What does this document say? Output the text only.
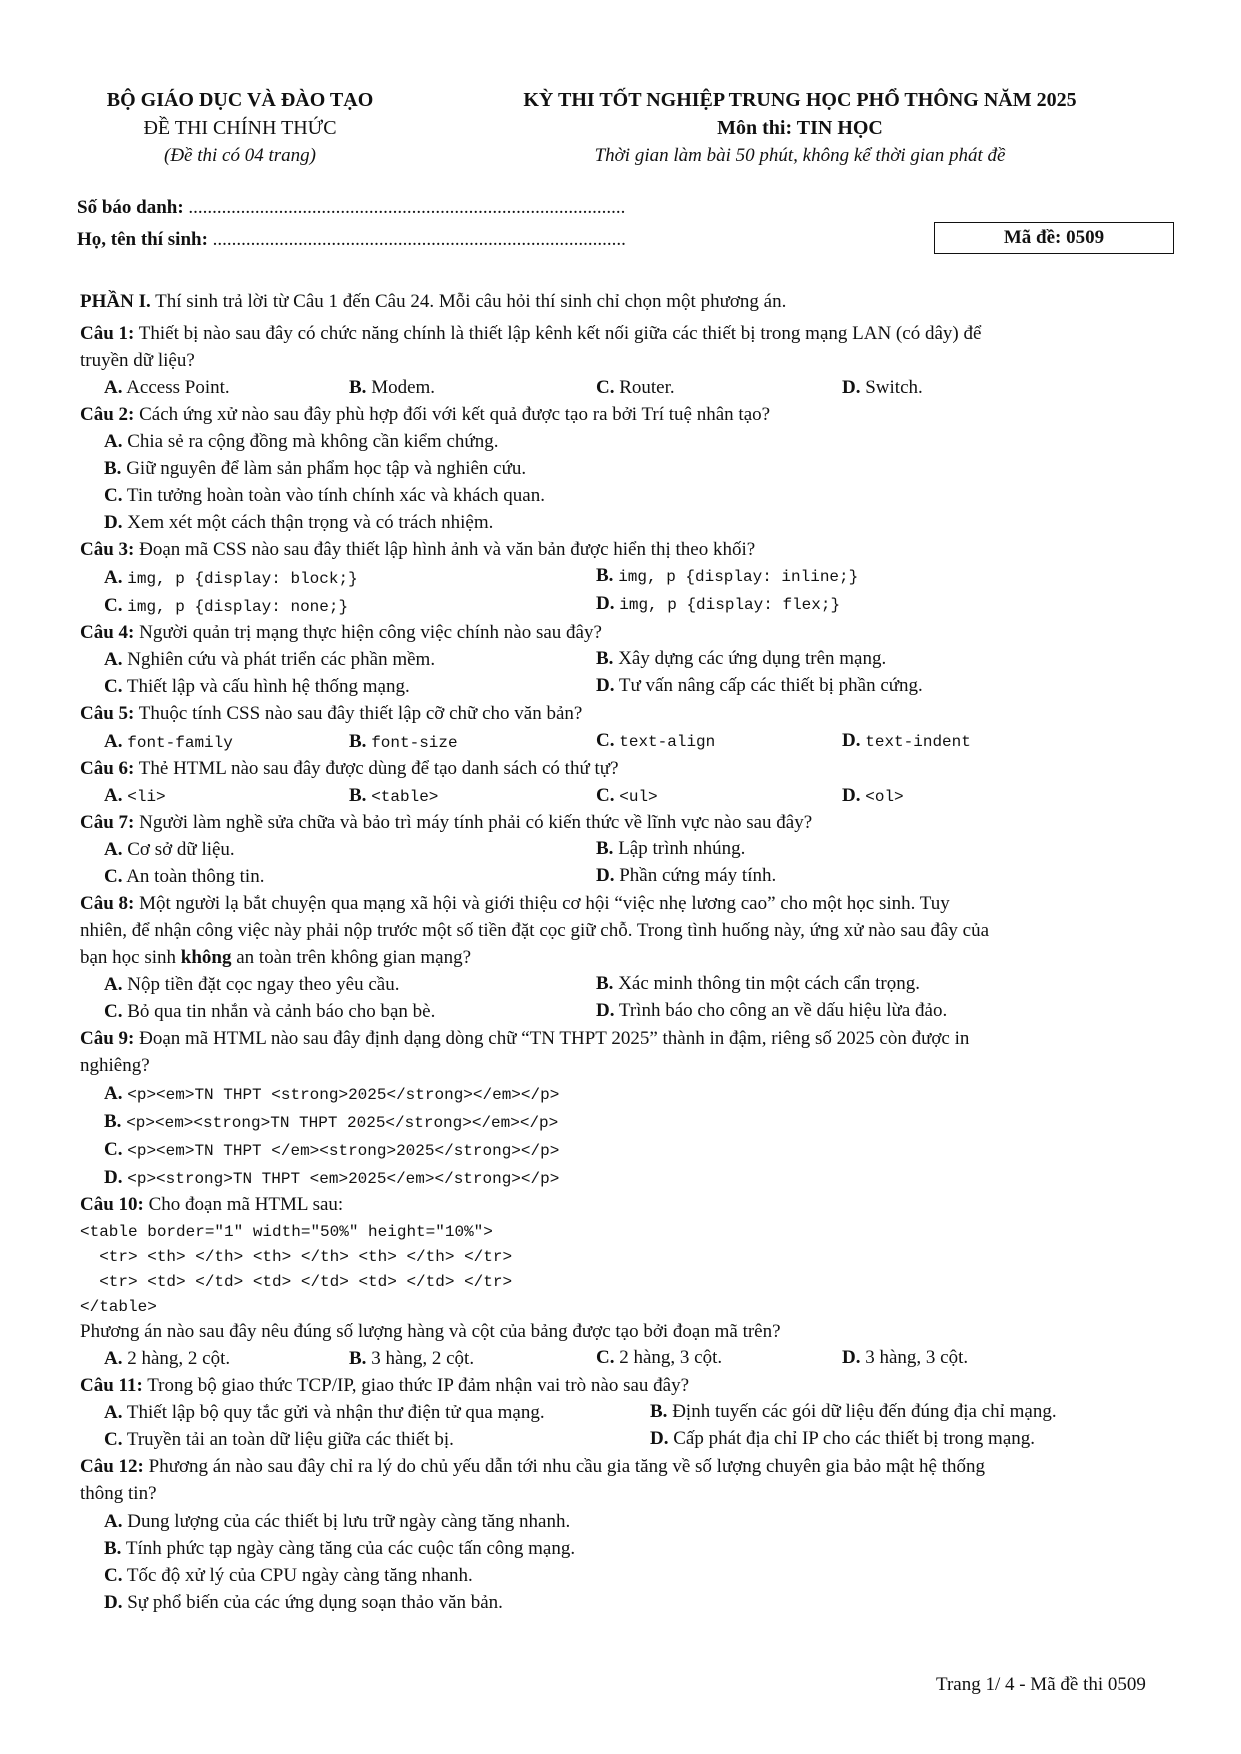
BỘ GIÁO DỤC VÀ ĐÀO TẠO
ĐỀ THI CHÍNH THỨC
(Đề thi có 04 trang)
KỲ THI TỐT NGHIỆP TRUNG HỌC PHỔ THÔNG NĂM 2025
Môn thi: TIN HỌC
Thời gian làm bài 50 phút, không kể thời gian phát đề
Số báo danh: ............................................................................................
Họ, tên thí sinh: .......................................................................................	Mã đề: 0509
PHẦN I. Thí sinh trả lời từ Câu 1 đến Câu 24. Mỗi câu hỏi thí sinh chỉ chọn một phương án.
Câu 1: Thiết bị nào sau đây có chức năng chính là thiết lập kênh kết nối giữa các thiết bị trong mạng LAN (có dây) để
truyền dữ liệu?
A. Access Point.	B. Modem.	C. Router.	D. Switch.
Câu 2: Cách ứng xử nào sau đây phù hợp đối với kết quả được tạo ra bởi Trí tuệ nhân tạo?
A. Chia sẻ ra cộng đồng mà không cần kiểm chứng.
B. Giữ nguyên để làm sản phẩm học tập và nghiên cứu.
C. Tin tưởng hoàn toàn vào tính chính xác và khách quan.
D. Xem xét một cách thận trọng và có trách nhiệm.
Câu 3: Đoạn mã CSS nào sau đây thiết lập hình ảnh và văn bản được hiển thị theo khối?
A. img, p {display: block;}	B. img, p {display: inline;}
C. img, p {display: none;}	D. img, p {display: flex;}
Câu 4: Người quản trị mạng thực hiện công việc chính nào sau đây?
A. Nghiên cứu và phát triển các phần mềm.	B. Xây dựng các ứng dụng trên mạng.
C. Thiết lập và cấu hình hệ thống mạng.	D. Tư vấn nâng cấp các thiết bị phần cứng.
Câu 5: Thuộc tính CSS nào sau đây thiết lập cỡ chữ cho văn bản?
A. font-family	B. font-size	C. text-align	D. text-indent
Câu 6: Thẻ HTML nào sau đây được dùng để tạo danh sách có thứ tự?
A. <li>	B. <table>	C. <ul>	D. <ol>
Câu 7: Người làm nghề sửa chữa và bảo trì máy tính phải có kiến thức về lĩnh vực nào sau đây?
A. Cơ sở dữ liệu.	B. Lập trình nhúng.
C. An toàn thông tin.	D. Phần cứng máy tính.
Câu 8: Một người lạ bắt chuyện qua mạng xã hội và giới thiệu cơ hội “việc nhẹ lương cao” cho một học sinh. Tuy
nhiên, để nhận công việc này phải nộp trước một số tiền đặt cọc giữ chỗ. Trong tình huống này, ứng xử nào sau đây của
bạn học sinh không an toàn trên không gian mạng?
A. Nộp tiền đặt cọc ngay theo yêu cầu.	B. Xác minh thông tin một cách cẩn trọng.
C. Bỏ qua tin nhắn và cảnh báo cho bạn bè.	D. Trình báo cho công an về dấu hiệu lừa đảo.
Câu 9: Đoạn mã HTML nào sau đây định dạng dòng chữ “TN THPT 2025” thành in đậm, riêng số 2025 còn được in
nghiêng?
A. <p><em>TN THPT <strong>2025</strong></em></p>
B. <p><em><strong>TN THPT 2025</strong></em></p>
C. <p><em>TN THPT </em><strong>2025</strong></p>
D. <p><strong>TN THPT <em>2025</em></strong></p>
Câu 10: Cho đoạn mã HTML sau:
<table border="1" width="50%" height="10%">
<tr> <th> </th> <th> </th> <th> </th> </tr>
<tr> <td> </td> <td> </td> <td> </td> </tr>
</table>
Phương án nào sau đây nêu đúng số lượng hàng và cột của bảng được tạo bởi đoạn mã trên?
A. 2 hàng, 2 cột.	B. 3 hàng, 2 cột.	C. 2 hàng, 3 cột.	D. 3 hàng, 3 cột.
Câu 11: Trong bộ giao thức TCP/IP, giao thức IP đảm nhận vai trò nào sau đây?
A. Thiết lập bộ quy tắc gửi và nhận thư điện tử qua mạng.	B. Định tuyến các gói dữ liệu đến đúng địa chỉ mạng.
C. Truyền tải an toàn dữ liệu giữa các thiết bị.	D. Cấp phát địa chỉ IP cho các thiết bị trong mạng.
Câu 12: Phương án nào sau đây chỉ ra lý do chủ yếu dẫn tới nhu cầu gia tăng về số lượng chuyên gia bảo mật hệ thống
thông tin?
A. Dung lượng của các thiết bị lưu trữ ngày càng tăng nhanh.
B. Tính phức tạp ngày càng tăng của các cuộc tấn công mạng.
C. Tốc độ xử lý của CPU ngày càng tăng nhanh.
D. Sự phổ biến của các ứng dụng soạn thảo văn bản.
Trang 1/ 4 - Mã đề thi 0509
